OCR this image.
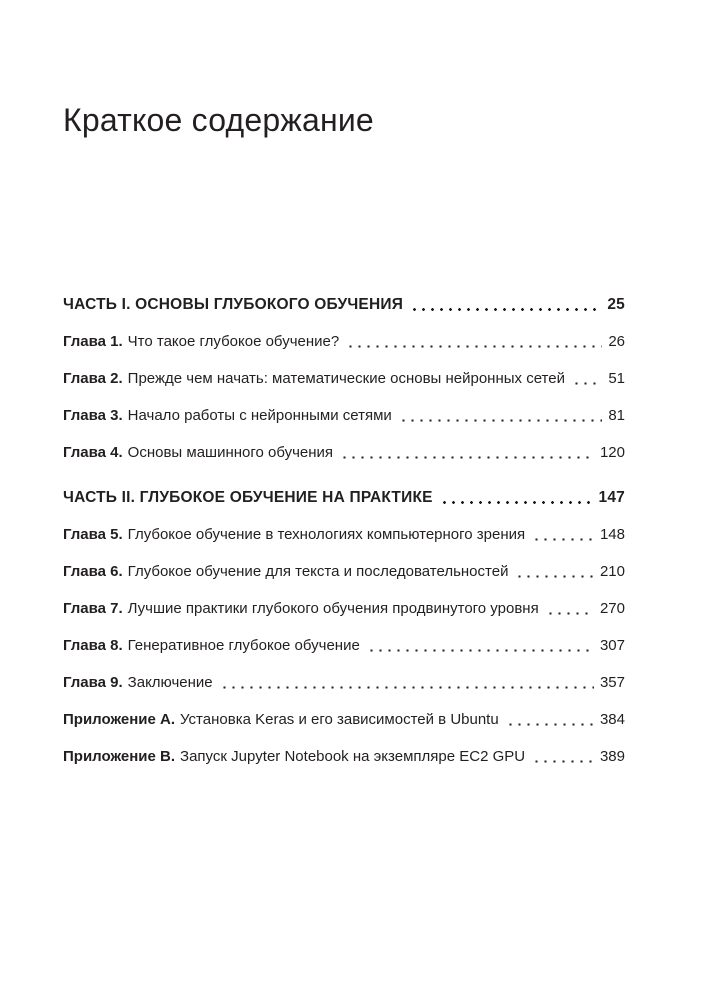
Краткое содержание
ЧАСТЬ I. ОСНОВЫ ГЛУБОКОГО ОБУЧЕНИЯ	25
Глава 1. Что такое глубокое обучение?	26
Глава 2. Прежде чем начать: математические основы нейронных сетей	51
Глава 3. Начало работы с нейронными сетями	81
Глава 4. Основы машинного обучения	120
ЧАСТЬ II. ГЛУБОКОЕ ОБУЧЕНИЕ НА ПРАКТИКЕ	147
Глава 5. Глубокое обучение в технологиях компьютерного зрения	148
Глава 6. Глубокое обучение для текста и последовательностей	210
Глава 7. Лучшие практики глубокого обучения продвинутого уровня	270
Глава 8. Генеративное глубокое обучение	307
Глава 9. Заключение	357
Приложение A. Установка Keras и его зависимостей в Ubuntu	384
Приложение B. Запуск Jupyter Notebook на экземпляре EC2 GPU	389
